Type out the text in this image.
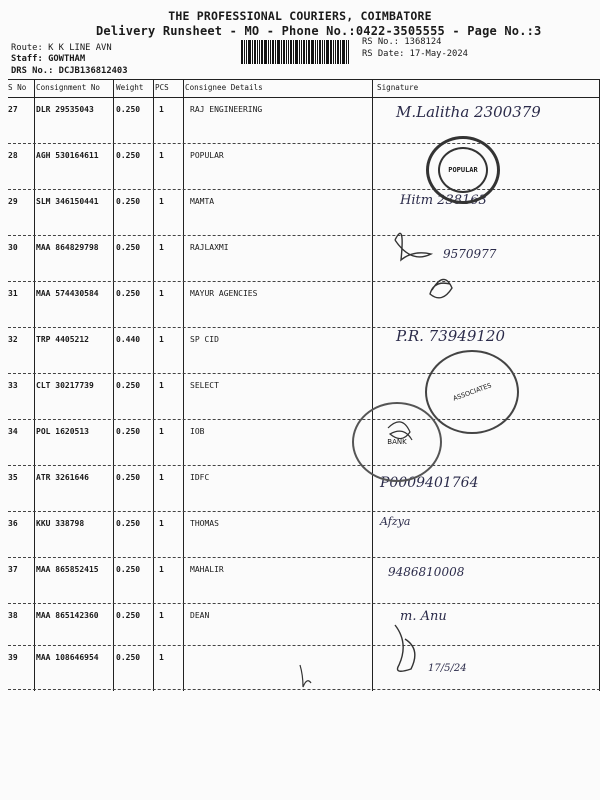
THE PROFESSIONAL COURIERS, COIMBATORE
Delivery Runsheet - MO - Phone No.:0422-3505555 - Page No.:3
Route: K K LINE AVN
Staff: GOWTHAM
DRS No.: DCJB136812403
RS No.: 1368124
RS Date: 17-May-2024
S No Consignment No Weight PCS Consignee Details	Signature
27 DLR 29535043	0.250 1	RAJ ENGINEERING	M.Lalitha 2300379
28 AGH 530164611 0.250 1	POPULAR
29 SLM 346150441 0.250 1	MAMTA	Hitm 238163
30 MAA 864829798 0.250 1	RAJLAXMI	9570977
31 MAA 574430584 0.250 1	MAYUR AGENCIES
32 TRP 4405212	0.440 1	SP CID	P.R. 73949120
33 CLT 30217739	0.250 1	SELECT
34 POL 1620513	0.250 1	IOB
35 ATR 3261646	0.250 1	IDFC	P0009401764
36 KKU 338798	0.250 1	THOMAS	Afzya
37 MAA 865852415 0.250 1	MAHALIR	9486810008
38 MAA 865142360 0.250 1	DEAN	m. Anu
39 MAA 108646954 0.250 1
17/5/24
POPULAR
ASSOCIATES
BANK
